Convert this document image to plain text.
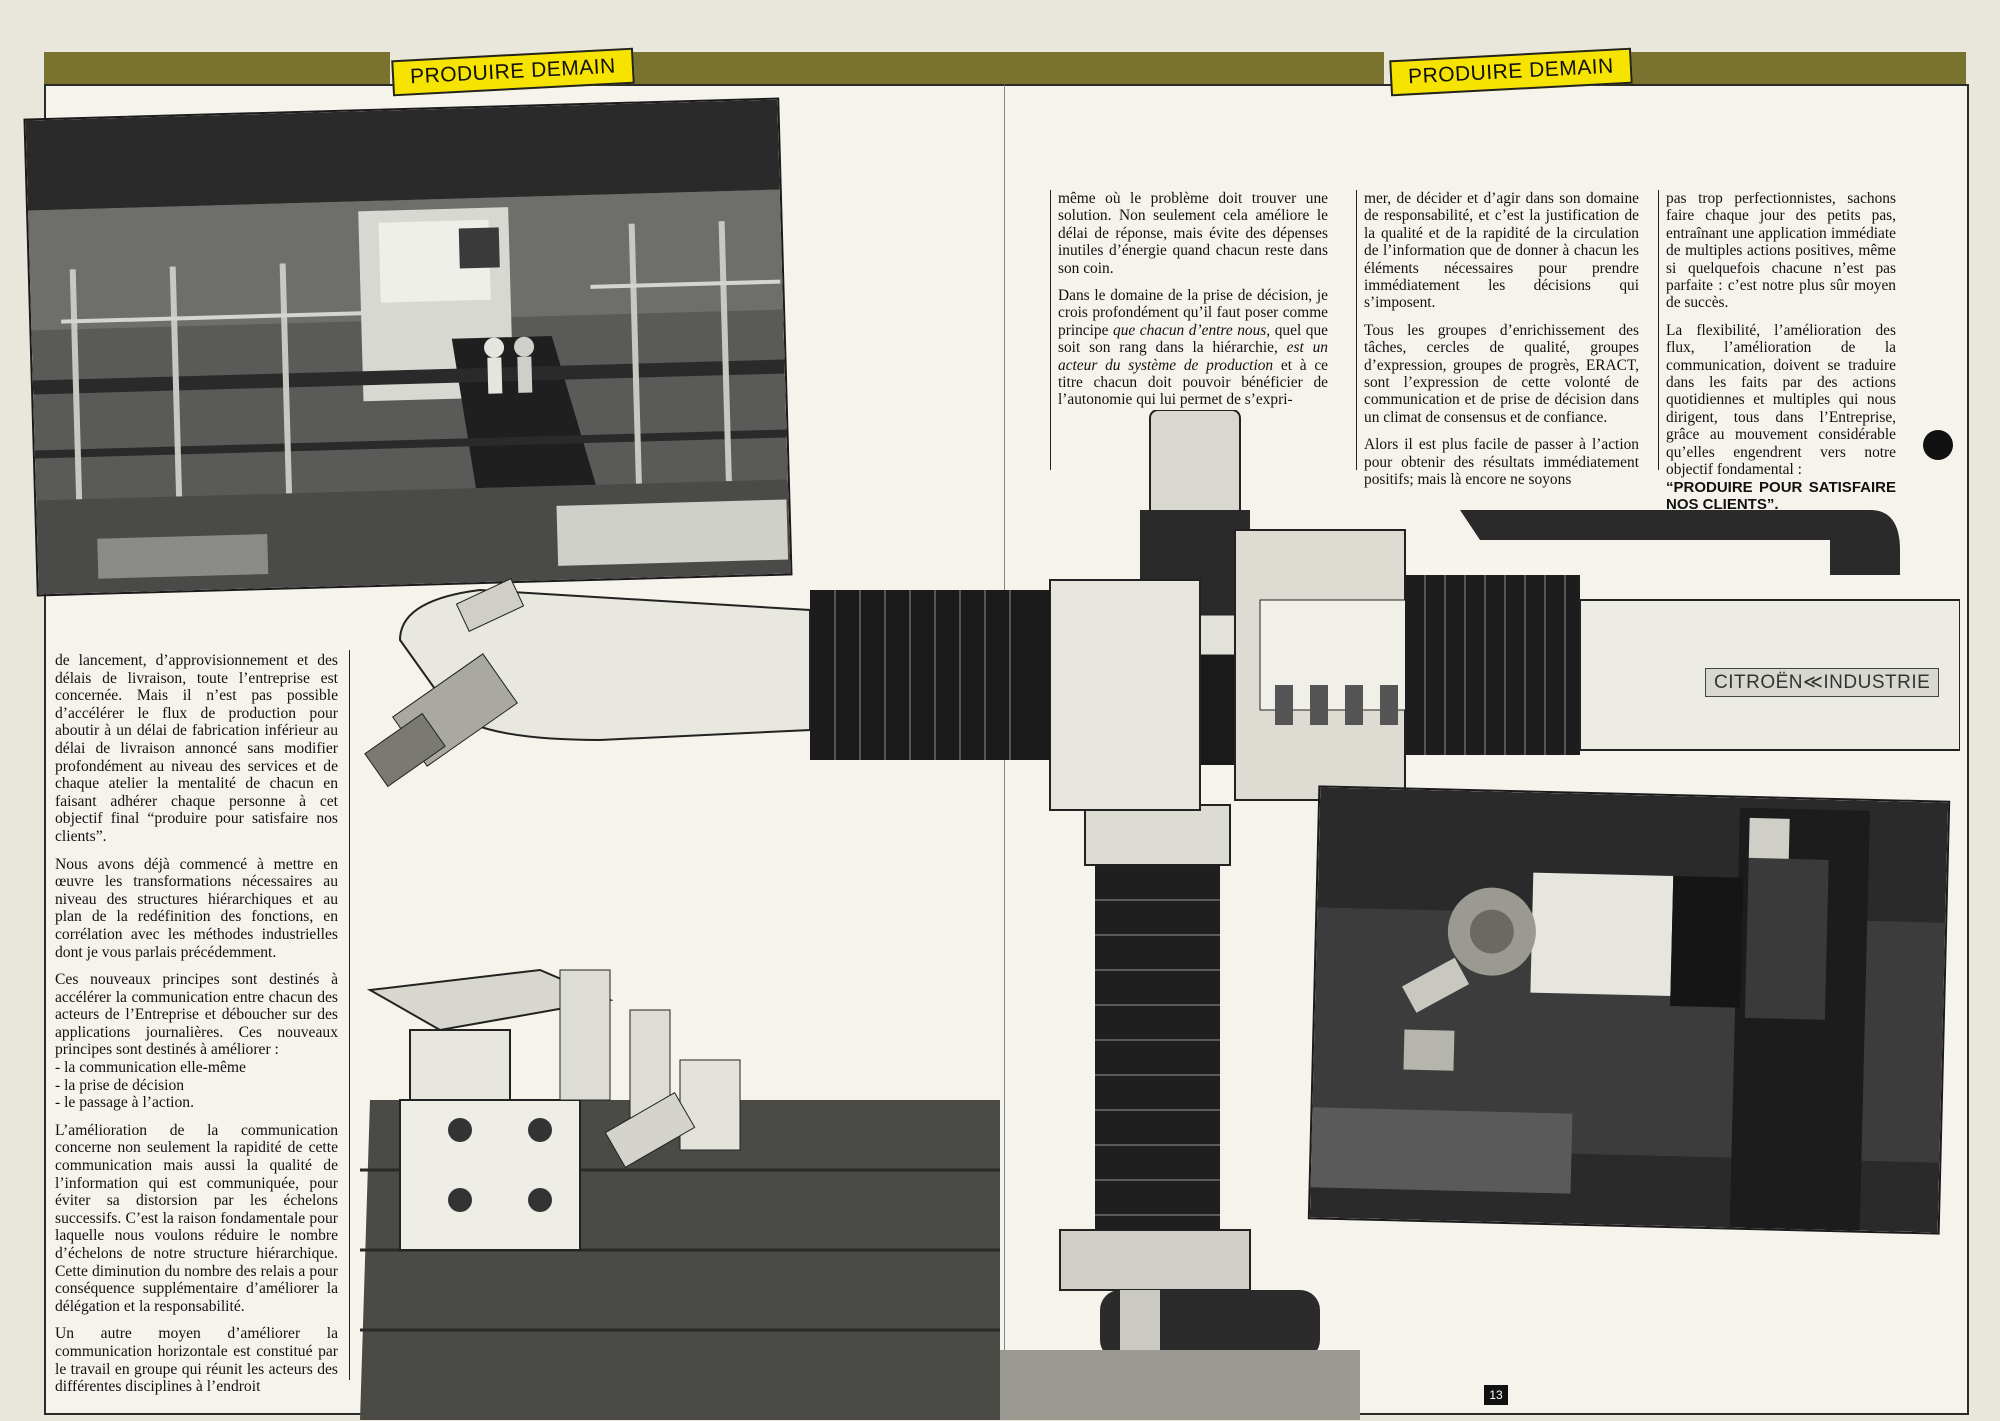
PRODUIRE DEMAIN	PRODUIRE DEMAIN
CITROËN≪INDUSTRIE

de lancement, d’approvisionnement et des délais de livraison, toute l’entreprise est concernée. Mais il n’est pas possible d’accélérer le flux de production pour aboutir à un délai de fabrication inférieur au délai de livraison annoncé sans modifier profondément au niveau des services et de chaque atelier la mentalité de chacun en faisant adhérer chaque personne à cet objectif final “produire pour satisfaire nos clients”.

Nous avons déjà commencé à mettre en œuvre les transformations nécessaires au niveau des structures hiérarchiques et au plan de la redéfinition des fonctions, en corrélation avec les méthodes industrielles dont je vous parlais précédemment.

Ces nouveaux principes sont destinés à accélérer la communication entre chacun des acteurs de l’Entreprise et déboucher sur des applications journalières. Ces nouveaux principes sont destinés à améliorer :

- la communication elle-même
- la prise de décision
- le passage à l’action.

L’amélioration de la communication concerne non seulement la rapidité de cette communication mais aussi la qualité de l’information qui est communiquée, pour éviter sa distorsion par les échelons successifs. C’est la raison fondamentale pour laquelle nous voulons réduire le nombre d’échelons de notre structure hiérarchique. Cette diminution du nombre des relais a pour conséquence supplémentaire d’améliorer la délégation et la responsabilité.

Un autre moyen d’améliorer la communication horizontale est constitué par le travail en groupe qui réunit les acteurs des différentes disciplines à l’endroit

même où le problème doit trouver une solution. Non seulement cela améliore le délai de réponse, mais évite des dépenses inutiles d’énergie quand chacun reste dans son coin.

Dans le domaine de la prise de décision, je crois profondément qu’il faut poser comme principe que chacun d’entre nous, quel que soit son rang dans la hiérarchie, est un acteur du système de production et à ce titre chacun doit pouvoir bénéficier de l’autonomie qui lui permet de s’expri-

mer, de décider et d’agir dans son domaine de responsabilité, et c’est la justification de la qualité et de la rapidité de la circulation de l’information que de donner à chacun les éléments nécessaires pour prendre immédiatement les décisions qui s’imposent.

Tous les groupes d’enrichissement des tâches, cercles de qualité, groupes d’expression, groupes de progrès, ERACT, sont l’expression de cette volonté de communication et de prise de décision dans un climat de consensus et de confiance.

Alors il est plus facile de passer à l’action pour obtenir des résultats immédiatement positifs; mais là encore ne soyons

pas trop perfectionnistes, sachons faire chaque jour des petits pas, entraînant une application immédiate de multiples actions positives, même si quelquefois chacune n’est pas parfaite : c’est notre plus sûr moyen de succès.

La flexibilité, l’amélioration des flux, l’amélioration de la communication, doivent se traduire dans les faits par des actions quotidiennes et multiples qui nous dirigent, tous dans l’Entreprise, grâce au mouvement considérable qu’elles engendrent vers notre objectif fondamental :

“PRODUIRE POUR SATISFAIRE NOS CLIENTS”.

13
